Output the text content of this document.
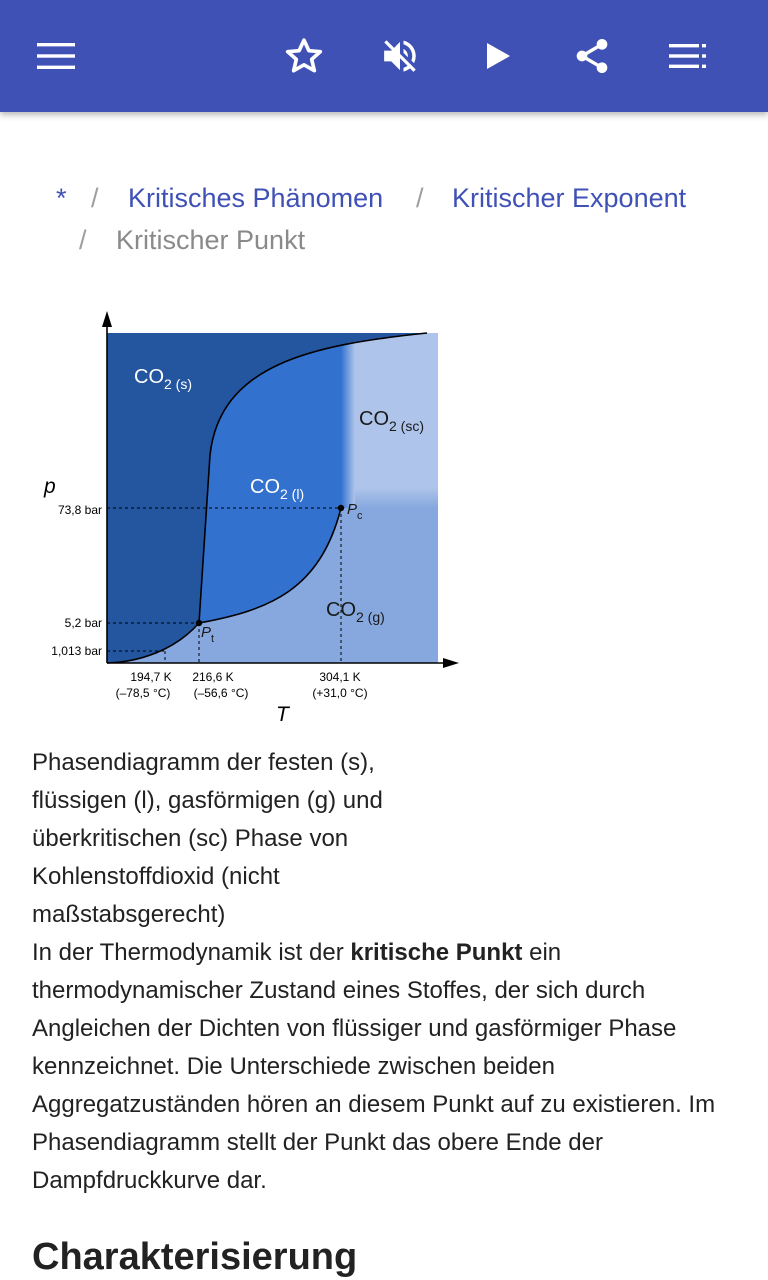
* / Kritisches Phänomen / Kritischer Exponent
/ Kritischer Punkt
$CO_{2 (s)}$
$CO_{2 (l)}$
$CO_{2 (sc)}$
$CO_{2 (g)}$
$P_c$
$P_t$
p
T
73,8 bar
5,2 bar
1,013 bar
194,7 K
(–78,5 °C)
216,6 K
(–56,6 °C)
304,1 K
(+31,0 °C)
Phasendiagramm der festen (s), flüssigen (l), gasförmigen (g) und überkritischen (sc) Phase von Kohlenstoffdioxid (nicht maßstabsgerecht)
In der Thermodynamik ist der kritische Punkt ein thermodynamischer Zustand eines Stoffes, der sich durch Angleichen der Dichten von flüssiger und gasförmiger Phase kennzeichnet. Die Unterschiede zwischen beiden Aggregatzuständen hören an diesem Punkt auf zu existieren. Im Phasendiagramm stellt der Punkt das obere Ende der Dampfdruckkurve dar.
Charakterisierung
